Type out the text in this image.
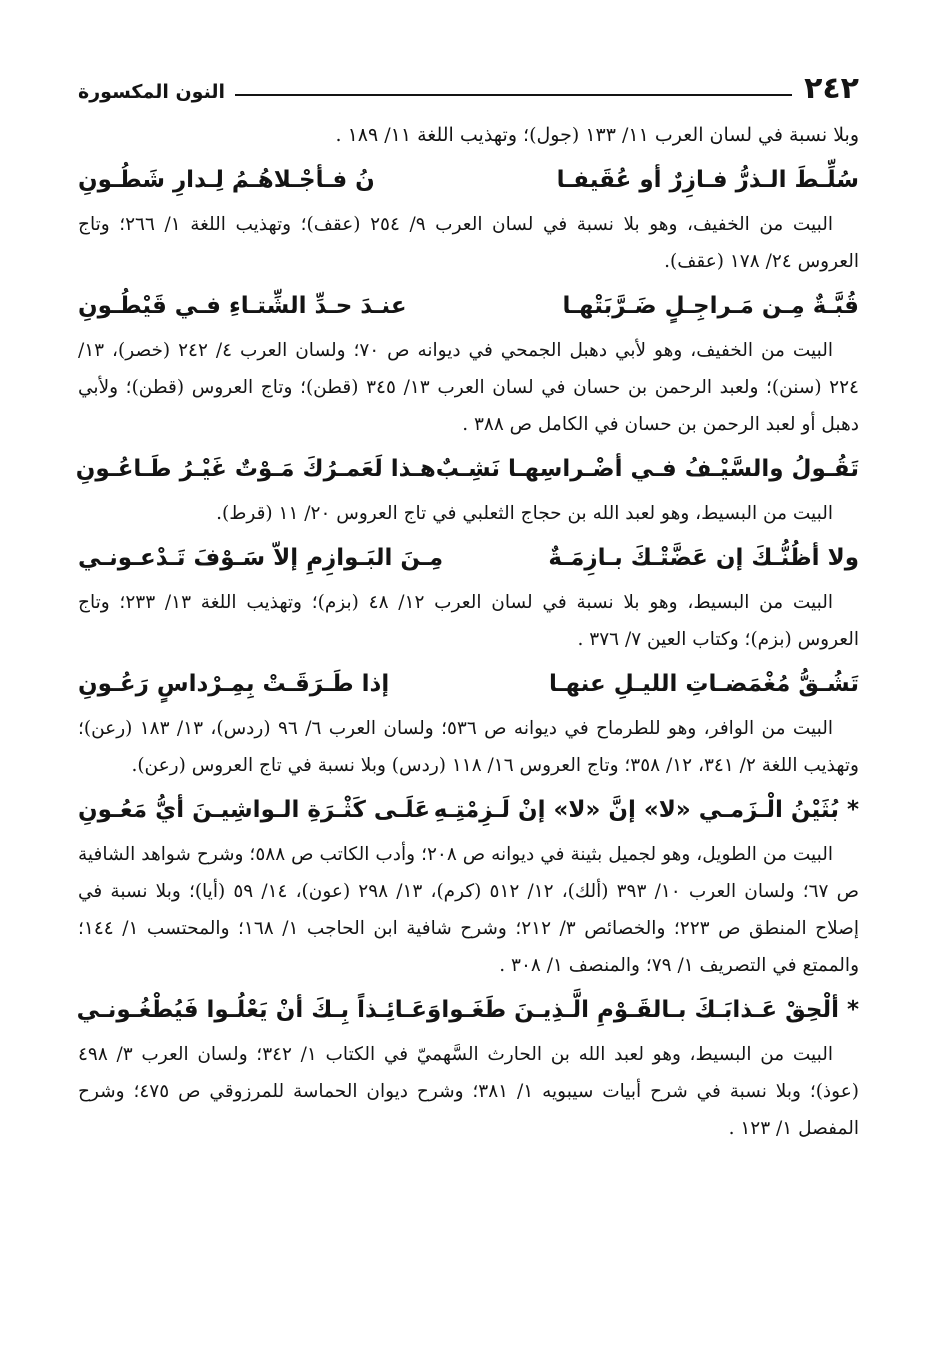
٢٤٢
النون المكسورة

وبلا نسبة في لسان العرب ١١/ ١٣٣ (جول)؛ وتهذيب اللغة ١١/ ١٨٩ .

سُلِّـطَ الـذرُّ فـازِرٌ أو عُقَيفـا
نُ فـأجْـلاهُـمُ لِـدارِ شَطُـونِ

البيت من الخفيف، وهو بلا نسبة في لسان العرب ٩/ ٢٥٤ (عقف)؛ وتهذيب اللغة ١/ ٢٦٦؛ وتاج العروس ٢٤/ ١٧٨ (عقف).

قُبَّـةٌ مِـن مَـراجِـلٍ ضَـرَّبَتْهـا
عنـدَ حـدِّ الشِّتـاءِ فـي قَيْطُـونِ

البيت من الخفيف، وهو لأبي دهبل الجمحي في ديوانه ص ٧٠؛ ولسان العرب ٤/ ٢٤٢ (خصر)، ١٣/ ٢٢٤ (سنن)؛ ولعبد الرحمن بن حسان في لسان العرب ١٣/ ٣٤٥ (قطن)؛ وتاج العروس (قطن)؛ ولأبي دهبل أو لعبد الرحمن بن حسان في الكامل ص ٣٨٨ .

تَقُـولُ والسَّيْـفُ فـي أضْـراسِهـا نَشِـبٌ
هـذا لَعَمـرُكَ مَـوْتٌ غَيْـرُ طَـاعُـونِ

البيت من البسيط، وهو لعبد الله بن حجاج الثعلبي في تاج العروس ٢٠/ ١١ (قرط).

ولا أظُنُّـكَ إن عَضَّتْـكَ بـازِمَـةٌ
مِـنَ البَـوازِمِ إلاّ سَـوْفَ تَـدْعـونـي

البيت من البسيط، وهو بلا نسبة في لسان العرب ١٢/ ٤٨ (بزم)؛ وتهذيب اللغة ١٣/ ٢٣٣؛ وتاج العروس (بزم)؛ وكتاب العين ٧/ ٣٧٦ .

تَشُـقُّ مُغْمَضـاتِ الليـلِ عنهـا
إذا طَـرَقَـتْ بِمِـرْداسٍ رَعُـونِ

البيت من الوافر، وهو للطرماح في ديوانه ص ٥٣٦؛ ولسان العرب ٦/ ٩٦ (ردس)، ١٣/ ١٨٣ (رعن)؛ وتهذيب اللغة ٢/ ٣٤١، ١٢/ ٣٥٨؛ وتاج العروس ١٦/ ١١٨ (ردس) وبلا نسبة في تاج العروس (رعن).

* بُثَيْنُ الْـزَمـي «لا» إنَّ «لا» إنْ لَـزِمْتِـهِ
عَلَـى كَثْـرَةِ الـواشِيـنَ أيُّ مَعُـونِ

البيت من الطويل، وهو لجميل بثينة في ديوانه ص ٢٠٨؛ وأدب الكاتب ص ٥٨٨؛ وشرح شواهد الشافية ص ٦٧؛ ولسان العرب ١٠/ ٣٩٣ (ألك)، ١٢/ ٥١٢ (كرم)، ١٣/ ٢٩٨ (عون)، ١٤/ ٥٩ (أيا)؛ وبلا نسبة في إصلاح المنطق ص ٢٢٣؛ والخصائص ٣/ ٢١٢؛ وشرح شافية ابن الحاجب ١/ ١٦٨؛ والمحتسب ١/ ١٤٤؛ والممتع في التصريف ١/ ٧٩؛ والمنصف ١/ ٣٠٨ .

* ألْحِقْ عَـذابَـكَ بـالقَـوْمِ الَّـذِيـنَ طَغَـوا
وَعَـائِـذاً بِـكَ أنْ يَعْلُـوا فَيُطْغُـونـي

البيت من البسيط، وهو لعبد الله بن الحارث السَّهميّ في الكتاب ١/ ٣٤٢؛ ولسان العرب ٣/ ٤٩٨ (عوذ)؛ وبلا نسبة في شرح أبيات سيبويه ١/ ٣٨١؛ وشرح ديوان الحماسة للمرزوقي ص ٤٧٥؛ وشرح المفصل ١/ ١٢٣ .
